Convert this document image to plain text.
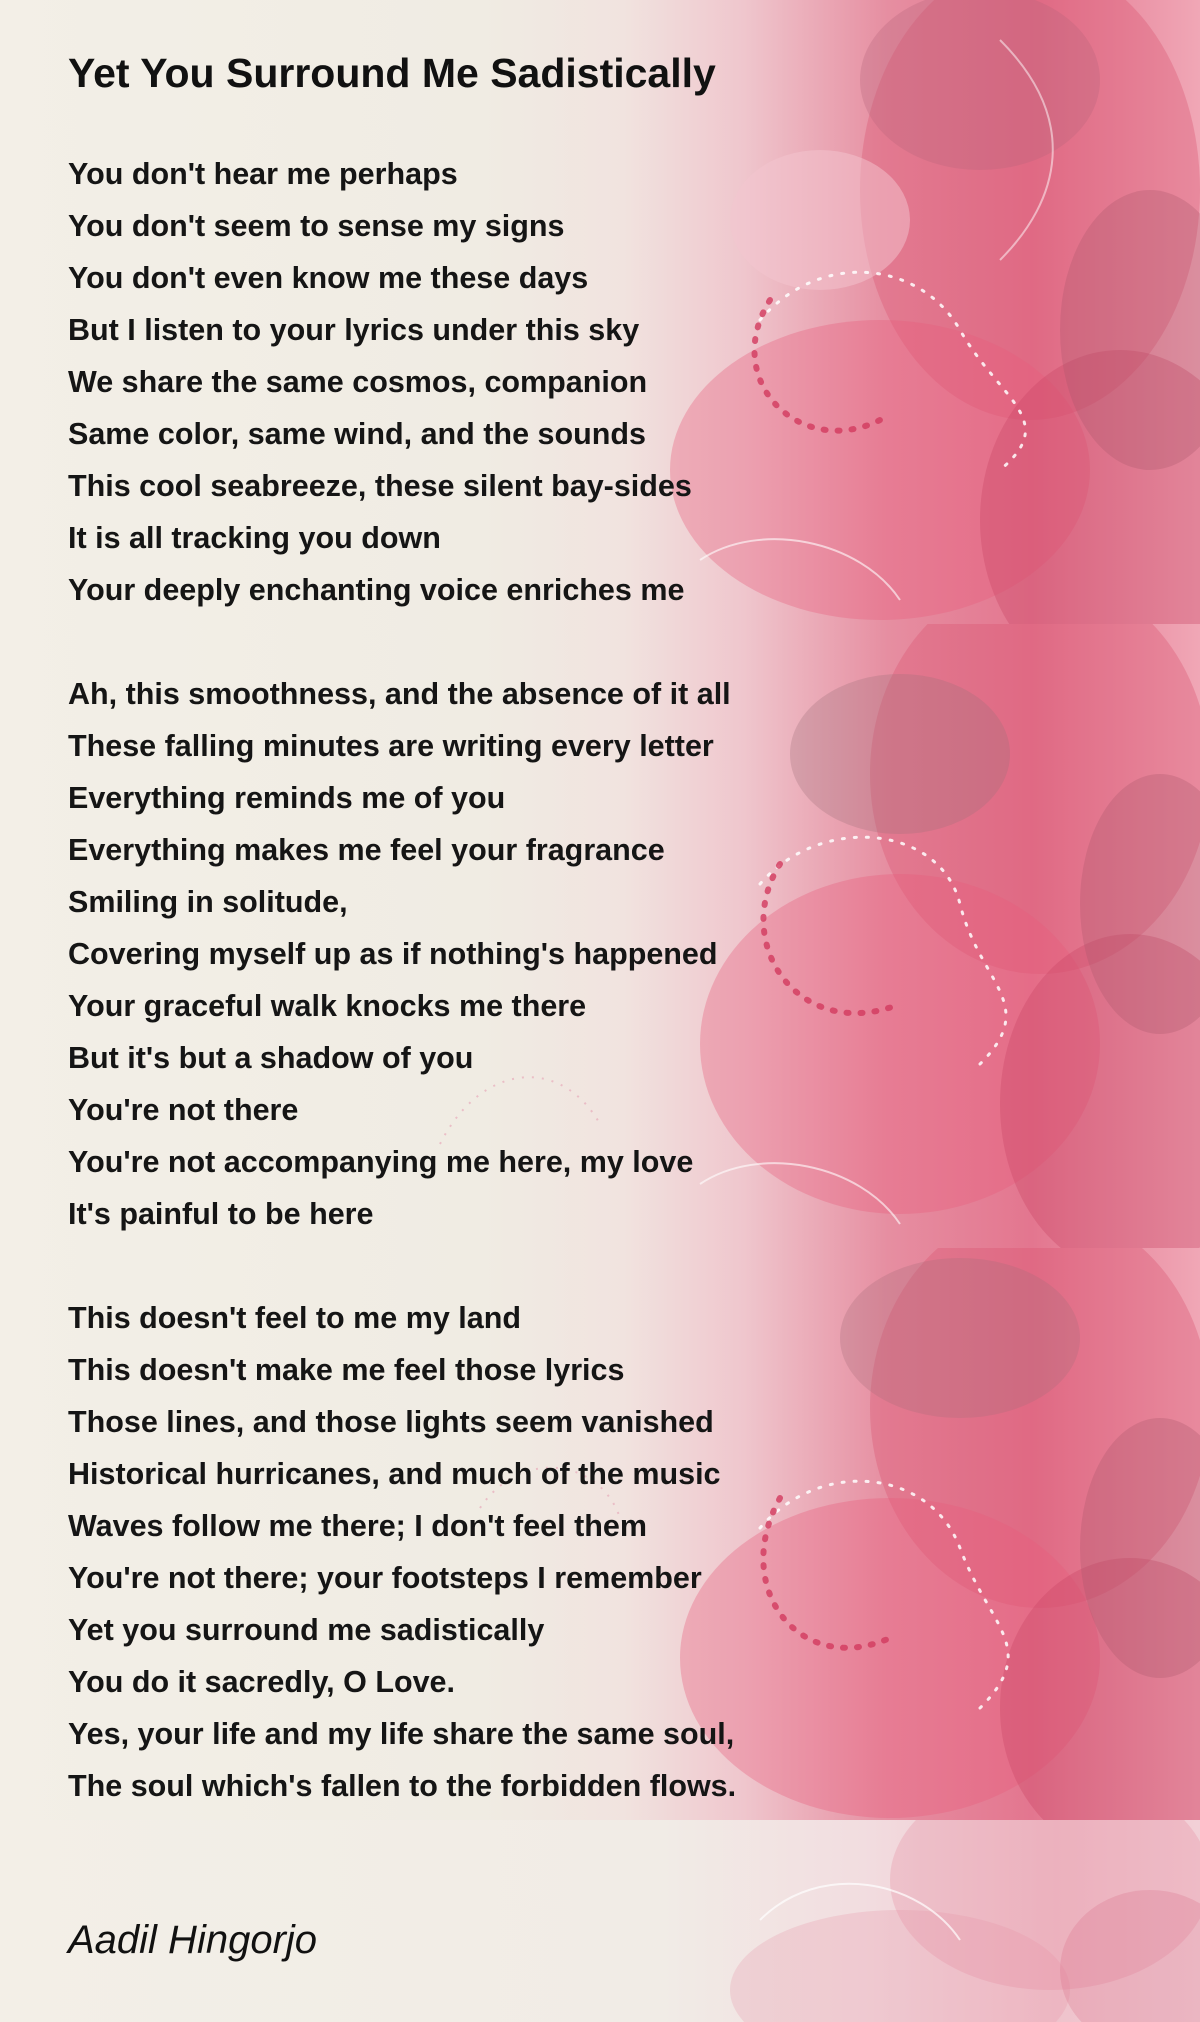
Yet You Surround Me Sadistically
You don't hear me perhaps
You don't seem to sense my signs
You don't even know me these days
But I listen to your lyrics under this sky
We share the same cosmos, companion
Same color, same wind, and the sounds
This cool seabreeze, these silent bay-sides
It is all tracking you down
Your deeply enchanting voice enriches me
Ah, this smoothness, and the absence of it all
These falling minutes are writing every letter
Everything reminds me of you
Everything makes me feel your fragrance
Smiling in solitude,
Covering myself up as if nothing's happened
Your graceful walk knocks me there
But it's but a shadow of you
You're not there
You're not accompanying me here, my love
It's painful to be here
This doesn't feel to me my land
This doesn't make me feel those lyrics
Those lines, and those lights seem vanished
Historical hurricanes, and much of the music
Waves follow me there; I don't feel them
You're not there; your footsteps I remember
Yet you surround me sadistically
You do it sacredly, O Love.
Yes, your life and my life share the same soul,
The soul which's fallen to the forbidden flows.
Aadil Hingorjo
